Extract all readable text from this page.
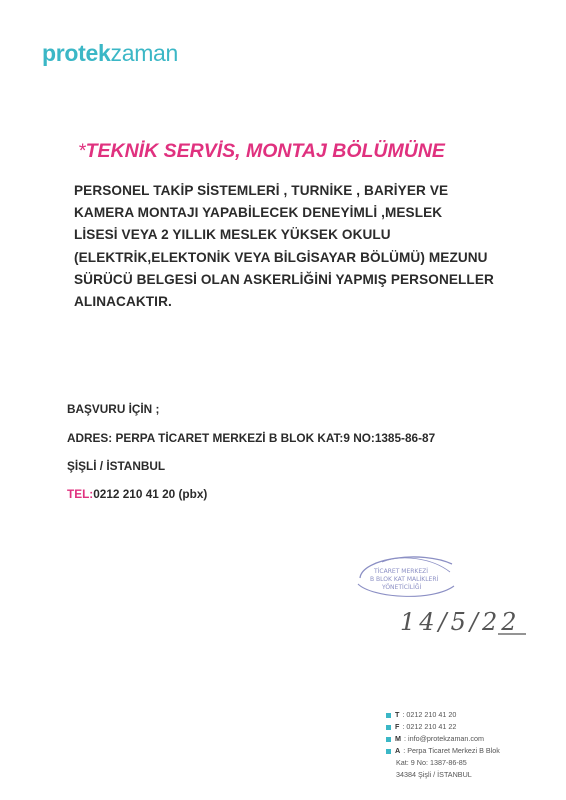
protekzaman
*TEKNİK SERVİS, MONTAJ BÖLÜMÜNE
PERSONEL TAKİP SİSTEMLERİ , TURNİKE , BARİYER VE
KAMERA MONTAJI YAPABİLECEK DENEYİMLİ ,MESLEK
LİSESİ VEYA 2 YILLIK MESLEK YÜKSEK OKULU
(ELEKTRİK,ELEKTONİK VEYA BİLGİSAYAR BÖLÜMÜ) MEZUNU
SÜRÜCÜ BELGESİ OLAN ASKERLİĞİNİ YAPMIŞ PERSONELLER
ALINACAKTIR.
BAŞVURU İÇİN ;
ADRES: PERPA TİCARET MERKEZİ B BLOK KAT:9 NO:1385-86-87
ŞİŞLİ / İSTANBUL
TEL:0212 210 41 20 (pbx)
TİCARET MERKEZİ
B BLOK KAT MALİKLERİ
YÖNETİCİLİĞİ
14/5/22
T : 0212 210 41 20
F : 0212 210 41 22
M : info@protekzaman.com
A : Perpa Ticaret Merkezi B Blok
Kat: 9 No: 1387-86-85
34384 Şişli / İSTANBUL
